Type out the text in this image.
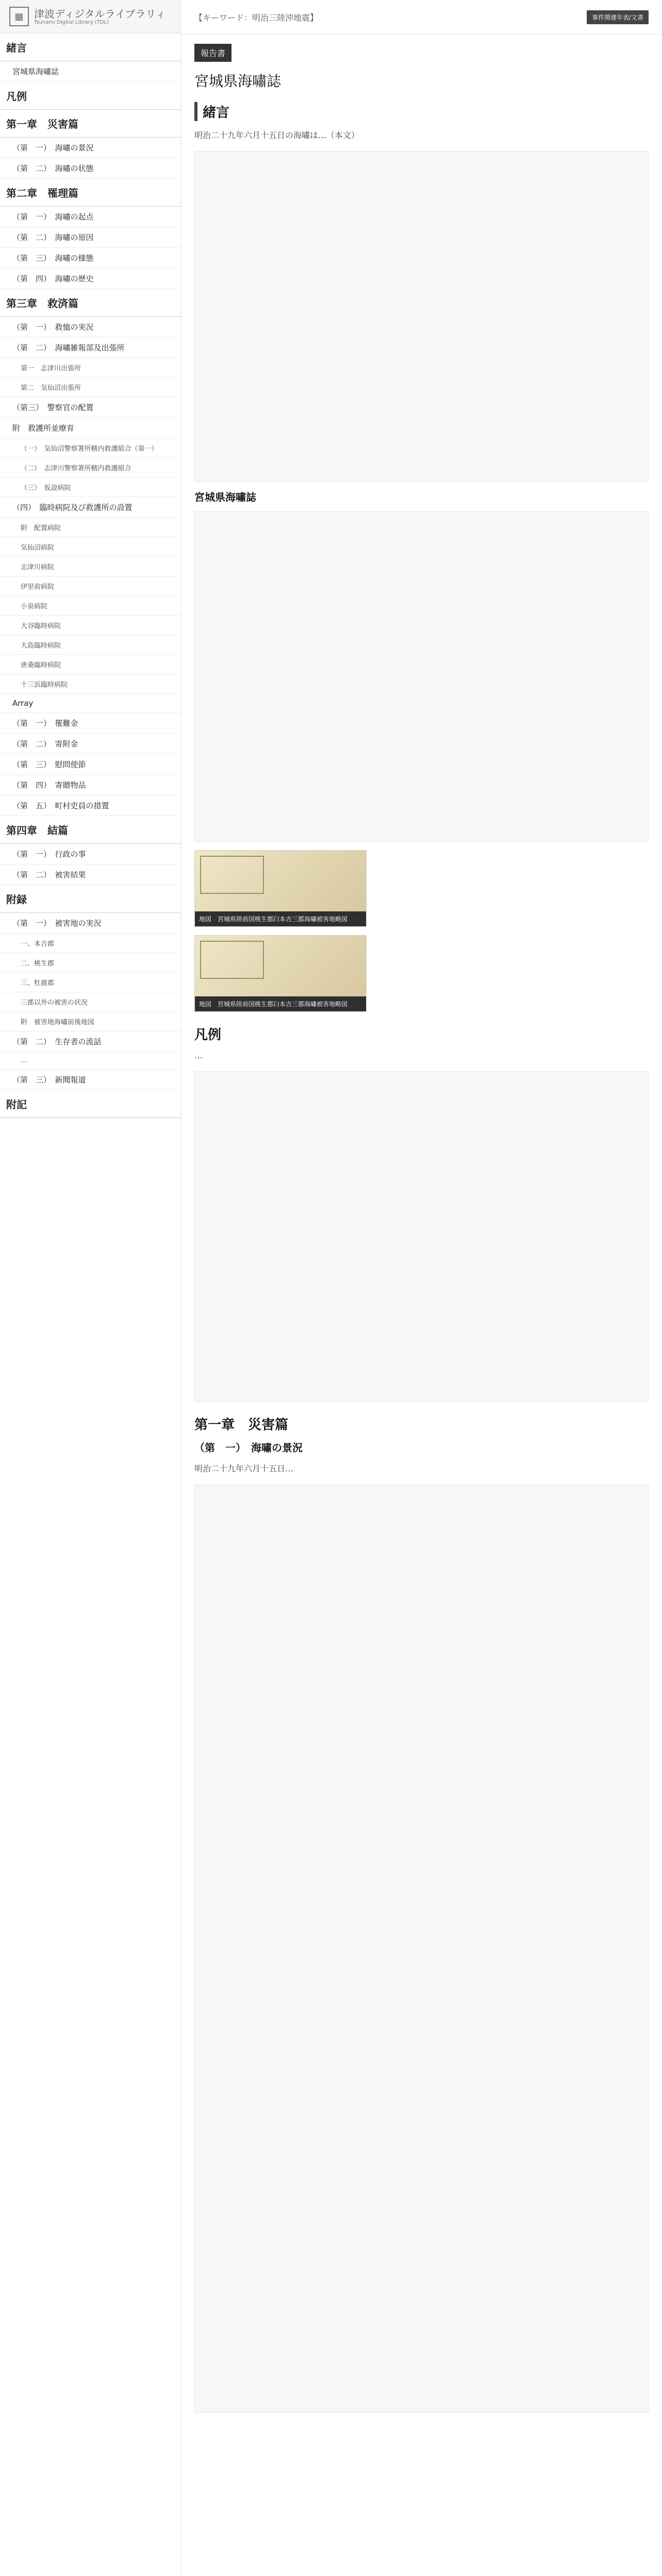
▦	津波ディジタルライブラリィ
Tsunami Digital Library (TDL)
緒言
宮城県海嘯誌
凡例
第一章　災害篇
（第　一）　海嘯の景況
（第　二）　海嘯の状態
第二章　罹理篇
（第　一）　海嘯の起点
（第　二）　海嘯の原因
（第　三）　海嘯の様態
（第　四）　海嘯の歴史
第三章　救済篇
（第　一）　救恤の実況
（第　二）　海嘯雑報部及出張所
第一　志津川出張所
第二　気仙沼出張所
（第三）　警察官の配置
附　救護所並療育
（一）　気仙沼警察署所轄内救護組合（第一）
（二）　志津川警察署所轄内救護組合
（三）　仮設病院
（四）　臨時病院及び救護所の設置
附　配置病院
気仙沼病院
志津川病院
伊里前病院
小泉病院
大谷臨時病院
大島臨時病院
唐桑臨時病院
十三浜臨時病院
Array
（第　一）　罹難金
（第　二）　寄附金
（第　三）　慰問使節
（第　四）　寄贈物品
（第　五）　町村吏員の措置
第四章　結篇
（第　一）　行政の事
（第　二）　被害結果
附録
（第　一）　被害地の実況
一、本吉郡
二、桃生郡
三、牡鹿郡
三郡以外の被害の状況
附　被害地海嘯前後地図
（第　二）　生存者の流話
…
（第　三）　新聞報道
附記
【キーワード：明治三陸沖地震】	事件関連年表/文書
報告書
宮城県海嘯誌
緒言
明治二十九年六月十五日の海嘯は…（本文）
宮城県海嘯誌
地図　宮城県陸前国桃生郡臼本吉三郡海嘯被害地略図
地図　宮城県陸前国桃生郡臼本吉三郡海嘯被害地略図
凡例
…
第一章　災害篇
（第　一）　海嘯の景況
明治二十九年六月十五日…
